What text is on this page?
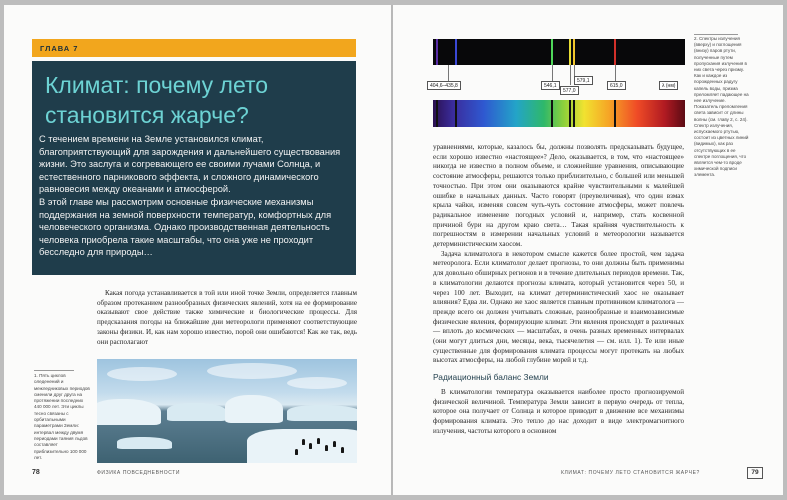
ГЛАВА 7
Климат: почему лето становится жарче?

С течением времени на Земле установился климат, благоприятствующий для зарождения и дальнейшего существования жизни. Это заслуга и согревающего ее своими лучами Солнца, и естественного парникового эффекта, и сложного динамического равновесия между океанами и атмосферой.

В этой главе мы рассмотрим основные физические механизмы поддержания на земной поверхности температур, комфортных для человеческого организма. Однако производственная деятельность человека приобрела такие масштабы, что она уже не проходит бесследно для природы…

Какая погода устанавливается в той или иной точке Земли, определяется главным образом протеканием разнообразных физических явлений, хотя на ее формирование оказывают свое действие также химические и биологические процессы. Для предсказания погоды на ближайшие дни метеорологи применяют соответствующие законы физики. И, как нам хорошо известно, порой они ошибаются! Как же так, ведь они располагают

1. Пять циклов оледенений и межледниковых периодов сменили друг друга на протяжении последних 440 000 лет. Эти циклы тесно связаны с орбитальными параметрами Земли: интервал между двумя периодами таяния льдов составляет приблизительно 100 000 лет.
78	ФИЗИКА ПОВСЕДНЕВНОСТИ
404,6–435,8	546,1
577,0
579,1
615,0	λ (нм)
2. Спектры излучения (вверху) и поглощения (внизу) паров ртути, полученные путем пропускания излучения в них света через призму. Как и каждое из порожденных радугу капель воды, призма преломляет падающее на нее излучение. Показатель преломления света зависит от длины волны (см. главу 2, с. 24). Спектр излучения, испускаемого ртутью, состоит из цветных линий (видимых), как раз отсутствующих в ее спектре поглощения, что является чем-то вроде химической подписи элемента.

уравнениями, которые, казалось бы, должны позволять предсказывать будущее, если хорошо известно «настоящее»? Дело, оказывается, в том, что «настоящее» никогда не известно в полном объеме, и сложнейшие уравнения, описывающие состояние атмосферы, решаются только приблизительно, с большей или меньшей точностью. При этом они оказываются крайне чувствительными к малейшей ошибке в начальных данных. Часто говорят (преувеличивая), что один взмах крыла чайки, изменяя совсем чуть-чуть состояние атмосферы, может повлечь радикальное изменение погодных условий и, например, стать косвенной причиной бури на другом краю света… Такая крайняя чувствительность к погрешностям в измерении начальных условий в метеорологии называется детерминистическим хаосом.

Задача климатолога в некотором смысле кажется более простой, чем задача метеоролога. Если климатолог делает прогнозы, то они должны быть применимы для довольно обширных регионов и в течение длительных периодов времени. Так, в климатологии делаются прогнозы климата, который установится через 50, и через 100 лет. Выходит, на климат детерминистический хаос не оказывает влияния? Едва ли. Однако же хаос является главным противником климатолога — прежде всего он должен учитывать сложные, разнообразные и взаимозависимые физические явления, формирующие климат. Эти явления происходят в различных — вплоть до космических — масштабах, в очень разных временных интервалах (они могут длиться дни, месяцы, века, тысячелетия — см. илл. 1). Те или иные существенные для формирования климата процессы могут протекать на любых высотах атмосферы, на любой глубине морей и т.д.

Радиационный баланс Земли

В климатологии температура оказывается наиболее просто прогнозируемой физической величиной. Температура Земли зависит в первую очередь от тепла, которое она получает от Солнца и которое приводит в движение все механизмы формирования климата. Это тепло до нас доходит в виде электромагнитного излучения, частоты которого в основном

КЛИМАТ: ПОЧЕМУ ЛЕТО СТАНОВИТСЯ ЖАРЧЕ?	79
